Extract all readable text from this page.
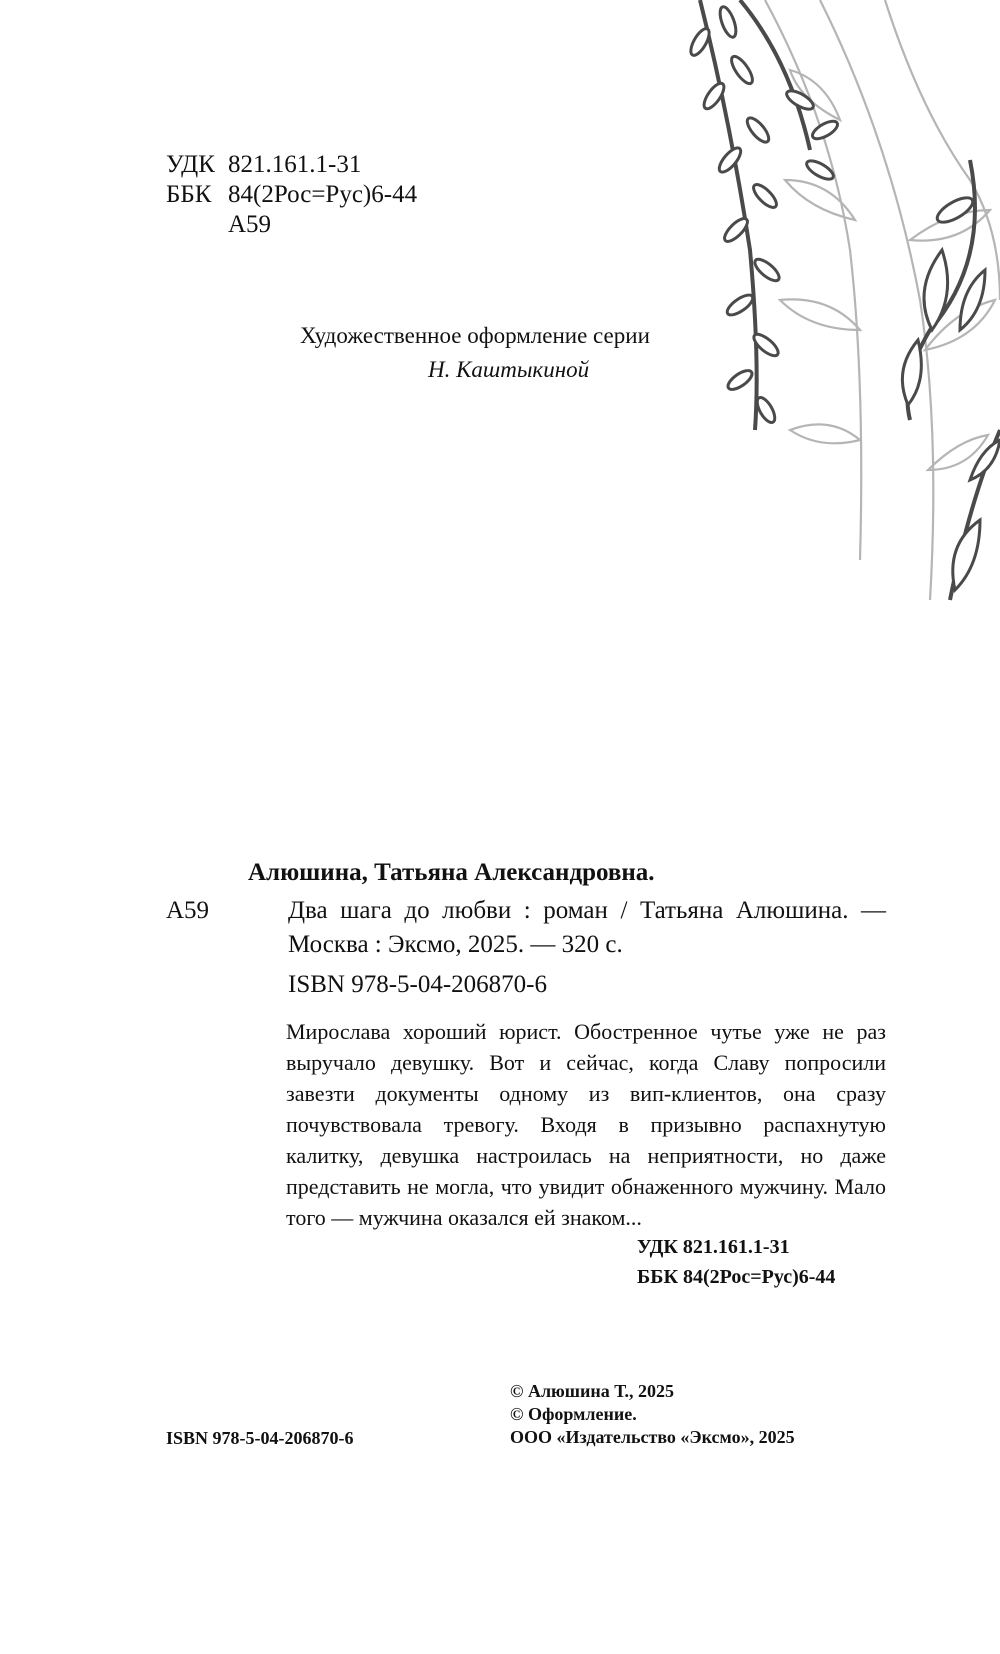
УДК 821.161.1-31
ББК 84(2Рос=Рус)6-44
А59
Художественное оформление серии
Н. Каштыкиной
Алюшина, Татьяна Александровна.
А59	Два шага до любви : роман / Татьяна Алюшина. — Москва : Эксмо, 2025. — 320 с.
ISBN 978-5-04-206870-6
Мирослава хороший юрист. Обостренное чутье уже не раз выручало девушку. Вот и сейчас, когда Славу попросили завезти документы одному из вип-клиентов, она сразу почувствовала тревогу. Входя в призывно распахнутую калитку, девушка настроилась на неприятности, но даже представить не могла, что увидит обнаженного мужчину. Мало того — мужчина оказался ей знаком...
УДК 821.161.1-31
ББК 84(2Рос=Рус)6-44
© Алюшина Т., 2025
© Оформление.
ООО «Издательство «Эксмо», 2025
ISBN 978-5-04-206870-6
